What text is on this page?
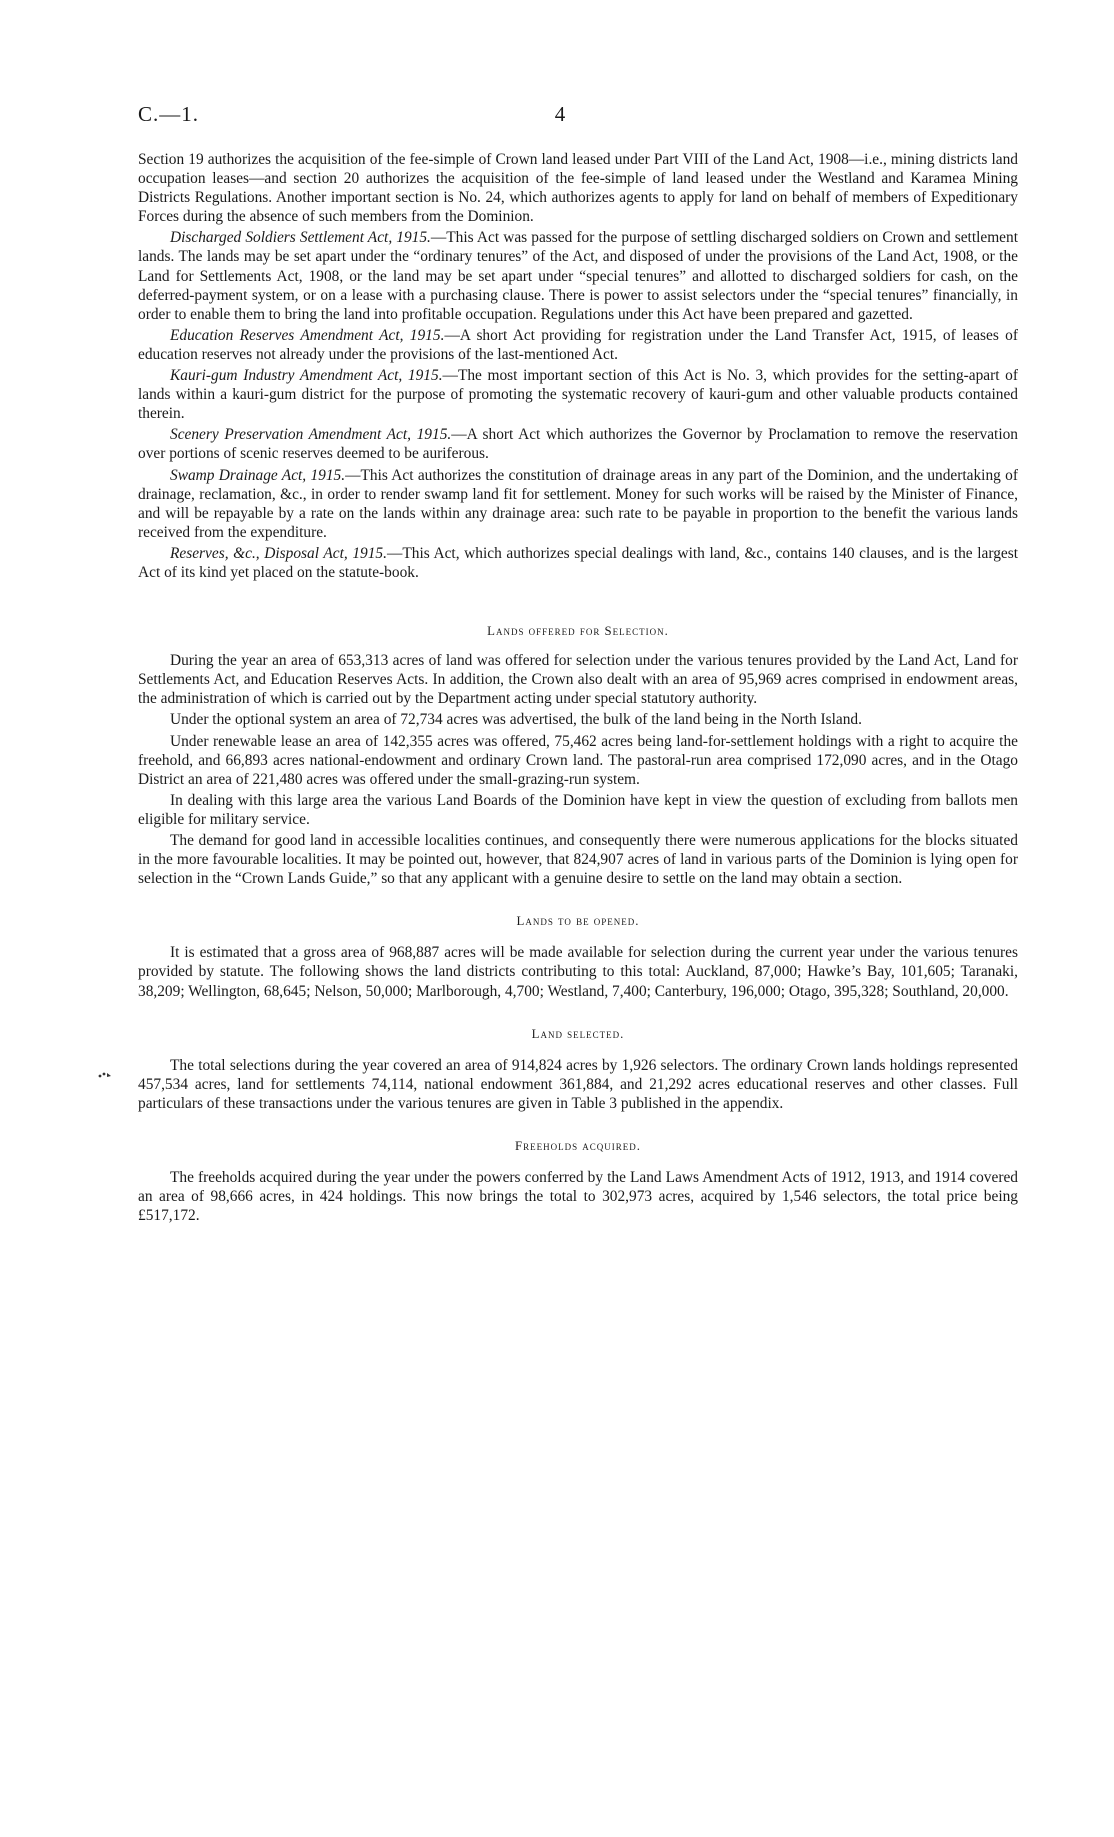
C.—1.	4

Section 19 authorizes the acquisition of the fee-simple of Crown land leased under Part VIII of the Land Act, 1908—i.e., mining districts land occupation leases—and section 20 authorizes the acquisition of the fee-simple of land leased under the Westland and Karamea Mining Districts Regulations. Another important section is No. 24, which authorizes agents to apply for land on behalf of members of Expeditionary Forces during the absence of such members from the Dominion.

Discharged Soldiers Settlement Act, 1915.—This Act was passed for the purpose of settling discharged soldiers on Crown and settlement lands. The lands may be set apart under the “ordinary tenures” of the Act, and disposed of under the provisions of the Land Act, 1908, or the Land for Settlements Act, 1908, or the land may be set apart under “special tenures” and allotted to discharged soldiers for cash, on the deferred-payment system, or on a lease with a purchasing clause. There is power to assist selectors under the “special tenures” financially, in order to enable them to bring the land into profitable occupation. Regulations under this Act have been prepared and gazetted.

Education Reserves Amendment Act, 1915.—A short Act providing for registration under the Land Transfer Act, 1915, of leases of education reserves not already under the provisions of the last-mentioned Act.

Kauri-gum Industry Amendment Act, 1915.—The most important section of this Act is No. 3, which provides for the setting-apart of lands within a kauri-gum district for the purpose of promoting the systematic recovery of kauri-gum and other valuable products contained therein.

Scenery Preservation Amendment Act, 1915.—A short Act which authorizes the Governor by Proclamation to remove the reservation over portions of scenic reserves deemed to be auriferous.

Swamp Drainage Act, 1915.—This Act authorizes the constitution of drainage areas in any part of the Dominion, and the undertaking of drainage, reclamation, &c., in order to render swamp land fit for settlement. Money for such works will be raised by the Minister of Finance, and will be repayable by a rate on the lands within any drainage area: such rate to be payable in proportion to the benefit the various lands received from the expenditure.

Reserves, &c., Disposal Act, 1915.—This Act, which authorizes special dealings with land, &c., contains 140 clauses, and is the largest Act of its kind yet placed on the statute-book.

Lands offered for Selection.

During the year an area of 653,313 acres of land was offered for selection under the various tenures provided by the Land Act, Land for Settlements Act, and Education Reserves Acts. In addition, the Crown also dealt with an area of 95,969 acres comprised in endowment areas, the administration of which is carried out by the Department acting under special statutory authority.

Under the optional system an area of 72,734 acres was advertised, the bulk of the land being in the North Island.

Under renewable lease an area of 142,355 acres was offered, 75,462 acres being land-for-settlement holdings with a right to acquire the freehold, and 66,893 acres national-endowment and ordinary Crown land. The pastoral-run area comprised 172,090 acres, and in the Otago District an area of 221,480 acres was offered under the small-grazing-run system.

In dealing with this large area the various Land Boards of the Dominion have kept in view the question of excluding from ballots men eligible for military service.

The demand for good land in accessible localities continues, and consequently there were numerous applications for the blocks situated in the more favourable localities. It may be pointed out, however, that 824,907 acres of land in various parts of the Dominion is lying open for selection in the “Crown Lands Guide,” so that any applicant with a genuine desire to settle on the land may obtain a section.

Lands to be opened.

It is estimated that a gross area of 968,887 acres will be made available for selection during the current year under the various tenures provided by statute. The following shows the land districts contributing to this total: Auckland, 87,000; Hawke’s Bay, 101,605; Taranaki, 38,209; Wellington, 68,645; Nelson, 50,000; Marlborough, 4,700; Westland, 7,400; Canterbury, 196,000; Otago, 395,328; Southland, 20,000.

Land selected.

The total selections during the year covered an area of 914,824 acres by 1,926 selectors. The ordinary Crown lands holdings represented 457,534 acres, land for settlements 74,114, national endowment 361,884, and 21,292 acres educational reserves and other classes. Full particulars of these transactions under the various tenures are given in Table 3 published in the appendix.

Freeholds acquired.

The freeholds acquired during the year under the powers conferred by the Land Laws Amendment Acts of 1912, 1913, and 1914 covered an area of 98,666 acres, in 424 holdings. This now brings the total to 302,973 acres, acquired by 1,546 selectors, the total price being £517,172.
